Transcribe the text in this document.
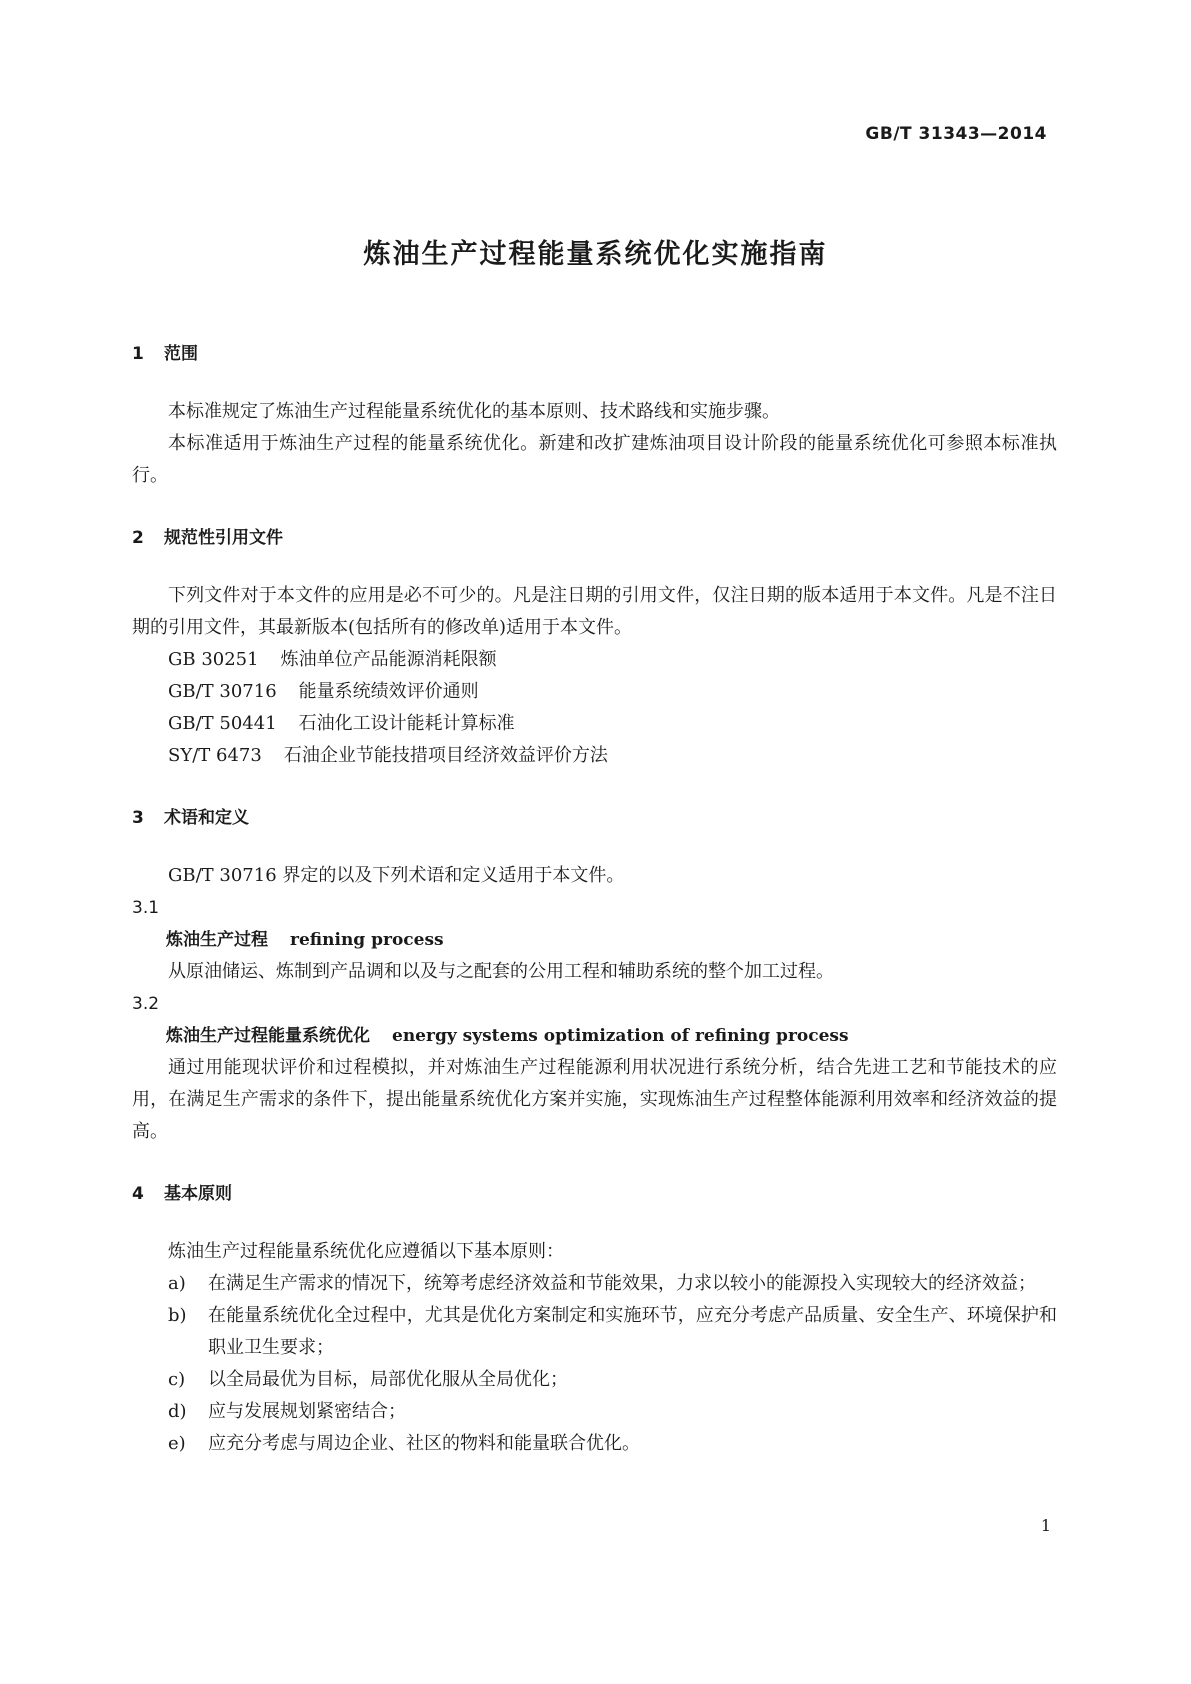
GB/T 31343—2014
炼油生产过程能量系统优化实施指南
1 范围

本标准规定了炼油生产过程能量系统优化的基本原则、技术路线和实施步骤。

本标准适用于炼油生产过程的能量系统优化。新建和改扩建炼油项目设计阶段的能量系统优化可参照本标准执行。

2 规范性引用文件

下列文件对于本文件的应用是必不可少的。凡是注日期的引用文件，仅注日期的版本适用于本文件。凡是不注日期的引用文件，其最新版本(包括所有的修改单)适用于本文件。

GB 30251 炼油单位产品能源消耗限额
GB/T 30716 能量系统绩效评价通则
GB/T 50441 石油化工设计能耗计算标准
SY/T 6473 石油企业节能技措项目经济效益评价方法
3 术语和定义

GB/T 30716 界定的以及下列术语和定义适用于本文件。

3.1
炼油生产过程 refining process

从原油储运、炼制到产品调和以及与之配套的公用工程和辅助系统的整个加工过程。

3.2
炼油生产过程能量系统优化 energy systems optimization of refining process

通过用能现状评价和过程模拟，并对炼油生产过程能源利用状况进行系统分析，结合先进工艺和节能技术的应用，在满足生产需求的条件下，提出能量系统优化方案并实施，实现炼油生产过程整体能源利用效率和经济效益的提高。

4 基本原则

炼油生产过程能量系统优化应遵循以下基本原则：

a)	在满足生产需求的情况下，统筹考虑经济效益和节能效果，力求以较小的能源投入实现较大的经济效益；
b)	在能量系统优化全过程中，尤其是优化方案制定和实施环节，应充分考虑产品质量、安全生产、环境保护和职业卫生要求；
c)	以全局最优为目标，局部优化服从全局优化；
d)	应与发展规划紧密结合；
e)	应充分考虑与周边企业、社区的物料和能量联合优化。
1
